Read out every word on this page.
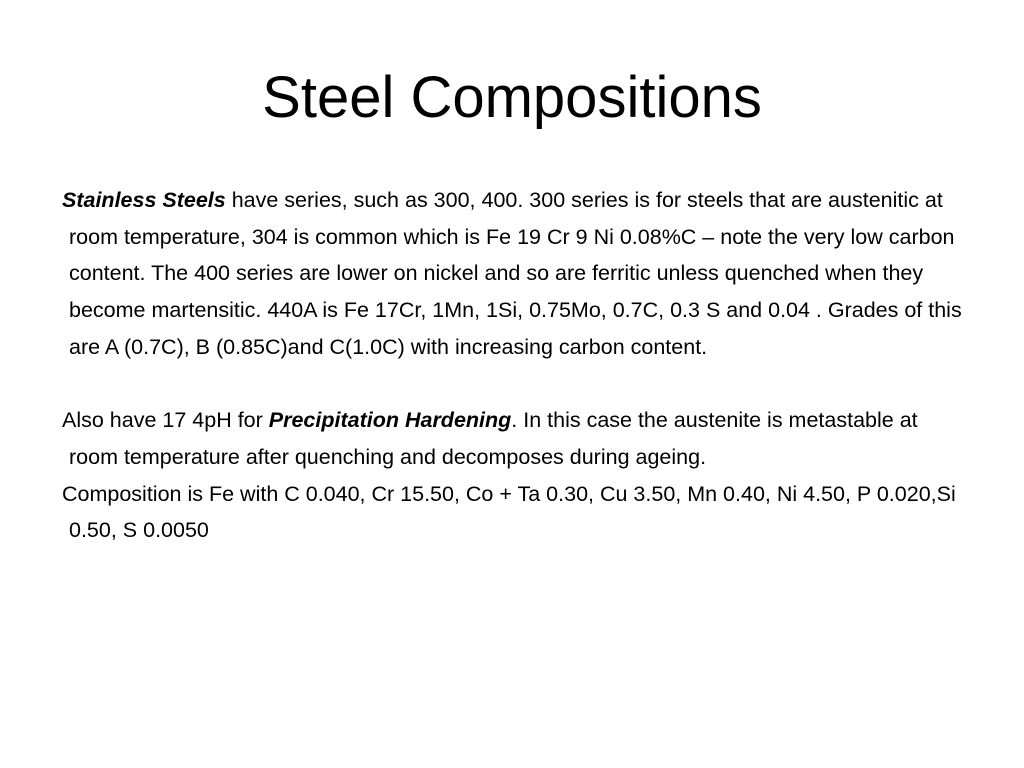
Steel Compositions

Stainless Steels have series, such as 300, 400. 300 series is for steels that are austenitic at room temperature, 304 is common which is Fe 19 Cr 9 Ni 0.08%C – note the very low carbon content. The 400 series are lower on nickel and so are ferritic unless quenched when they become martensitic. 440A is Fe 17Cr, 1Mn, 1Si, 0.75Mo, 0.7C, 0.3 S and 0.04 . Grades of this are A (0.7C), B (0.85C)and C(1.0C) with increasing carbon content.

Also have 17 4pH for Precipitation Hardening. In this case the austenite is metastable at room temperature after quenching and decomposes during ageing.

Composition is Fe with C 0.040, Cr 15.50, Co + Ta 0.30, Cu 3.50, Mn 0.40, Ni 4.50, P 0.020,Si 0.50, S 0.0050
